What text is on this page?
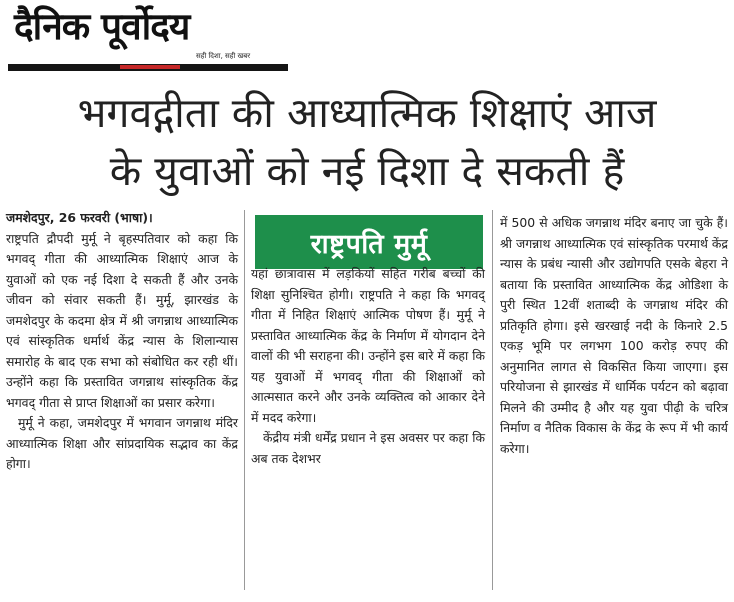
दैनिक पूर्वोदय
सही दिशा, सही खबर
भगवद्गीता की आध्यात्मिक शिक्षाएं आज
के युवाओं को नई दिशा दे सकती हैं

जमशेदपुर, 26 फरवरी (भाषा)।

राष्ट्रपति द्रौपदी मुर्मू ने बृहस्पतिवार को कहा कि भगवद् गीता की आध्यात्मिक शिक्षाएं आज के युवाओं को एक नई दिशा दे सकती हैं और उनके जीवन को संवार सकती हैं। मुर्मू, झारखंड के जमशेदपुर के कदमा क्षेत्र में श्री जगन्नाथ आध्यात्मिक एवं सांस्कृतिक धर्मार्थ केंद्र न्यास के शिलान्यास समारोह के बाद एक सभा को संबोधित कर रही थीं। उन्होंने कहा कि प्रस्तावित जगन्नाथ सांस्कृतिक केंद्र भगवद् गीता से प्राप्त शिक्षाओं का प्रसार करेगा।

मुर्मू ने कहा, जमशेदपुर में भगवान जगन्नाथ मंदिर आध्यात्मिक शिक्षा और सांप्रदायिक सद्भाव का केंद्र होगा।

राष्ट्रपति मुर्मू

यहां छात्रावास में लड़कियों सहित गरीब बच्चों की शिक्षा सुनिश्चित होगी। राष्ट्रपति ने कहा कि भगवद् गीता में निहित शिक्षाएं आत्मिक पोषण हैं। मुर्मू ने प्रस्तावित आध्यात्मिक केंद्र के निर्माण में योगदान देने वालों की भी सराहना की। उन्होंने इस बारे में कहा कि यह युवाओं में भगवद् गीता की शिक्षाओं को आत्मसात करने और उनके व्यक्तित्व को आकार देने में मदद करेगा।

केंद्रीय मंत्री धर्मेंद्र प्रधान ने इस अवसर पर कहा कि अब तक देशभर

में 500 से अधिक जगन्नाथ मंदिर बनाए जा चुके हैं। श्री जगन्नाथ आध्यात्मिक एवं सांस्कृतिक परमार्थ केंद्र न्यास के प्रबंध न्यासी और उद्योगपति एसके बेहरा ने बताया कि प्रस्तावित आध्यात्मिक केंद्र ओडिशा के पुरी स्थित 12वीं शताब्दी के जगन्नाथ मंदिर की प्रतिकृति होगा। इसे खरखाई नदी के किनारे 2.5 एकड़ भूमि पर लगभग 100 करोड़ रुपए की अनुमानित लागत से विकसित किया जाएगा। इस परियोजना से झारखंड में धार्मिक पर्यटन को बढ़ावा मिलने की उम्मीद है और यह युवा पीढ़ी के चरित्र निर्माण व नैतिक विकास के केंद्र के रूप में भी कार्य करेगा।
